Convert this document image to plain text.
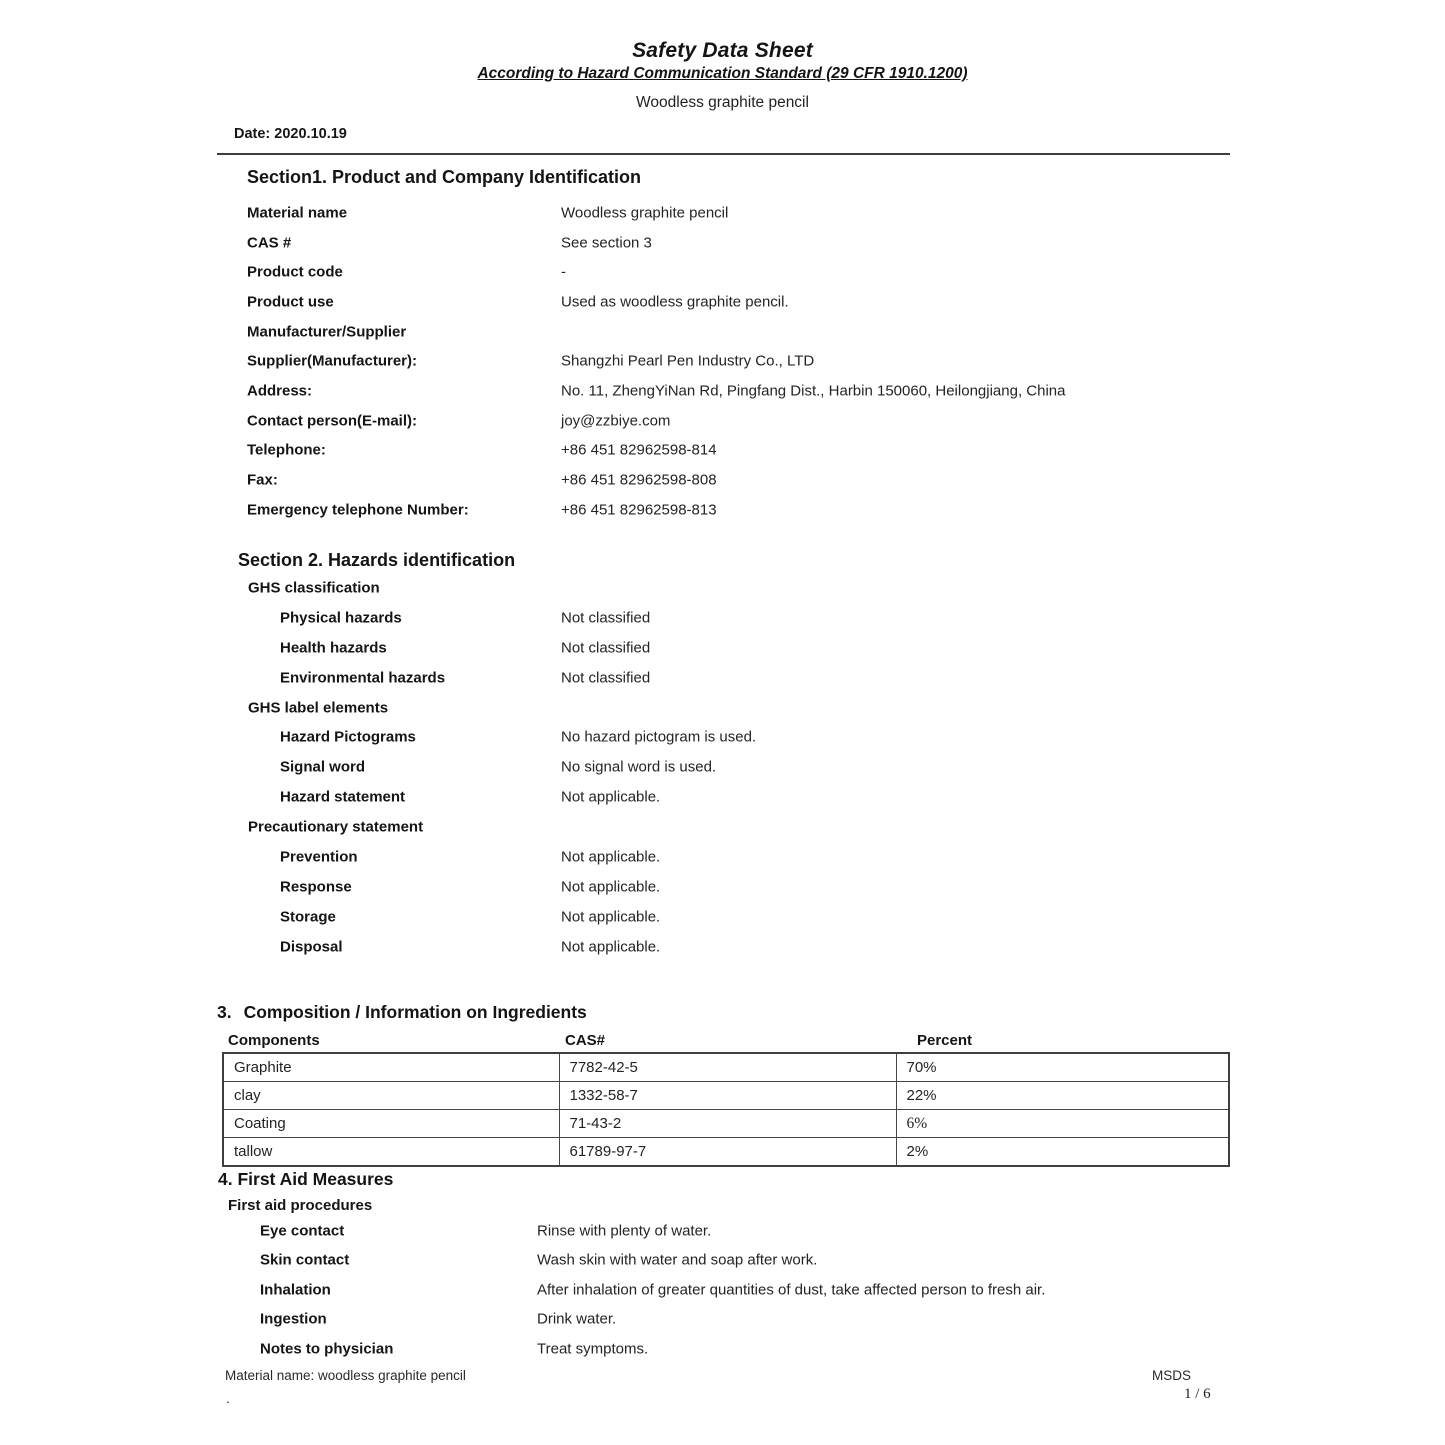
Safety Data Sheet
According to Hazard Communication Standard (29 CFR 1910.1200)
Woodless graphite pencil
Date: 2020.10.19
Section1. Product and Company Identification
Material name	Woodless graphite pencil
CAS #	See section 3
Product code	-
Product use	Used as woodless graphite pencil.
Manufacturer/Supplier
Supplier(Manufacturer):	Shangzhi Pearl Pen Industry Co., LTD
Address:	No. 11, ZhengYiNan Rd, Pingfang Dist., Harbin 150060, Heilongjiang, China
Contact person(E-mail):	joy@zzbiye.com
Telephone:	+86 451 82962598-814
Fax:	+86 451 82962598-808
Emergency telephone Number:	+86 451 82962598-813
Section 2. Hazards identification
GHS classification
Physical hazards	Not classified
Health hazards	Not classified
Environmental hazards	Not classified
GHS label elements
Hazard Pictograms	No hazard pictogram is used.
Signal word	No signal word is used.
Hazard statement	Not applicable.
Precautionary statement
Prevention	Not applicable.
Response	Not applicable.
Storage	Not applicable.
Disposal	Not applicable.
3. Composition / Information on Ingredients
Components	CAS#	Percent
Graphite	7782-42-5	70%
clay	1332-58-7	22%
Coating	71-43-2	6%
tallow	61789-97-7	2%
4. First Aid Measures
First aid procedures
Eye contact	Rinse with plenty of water.
Skin contact	Wash skin with water and soap after work.
Inhalation	After inhalation of greater quantities of dust, take affected person to fresh air.
Ingestion	Drink water.
Notes to physician	Treat symptoms.
Material name: woodless graphite pencil
.
MSDS
1 / 6
